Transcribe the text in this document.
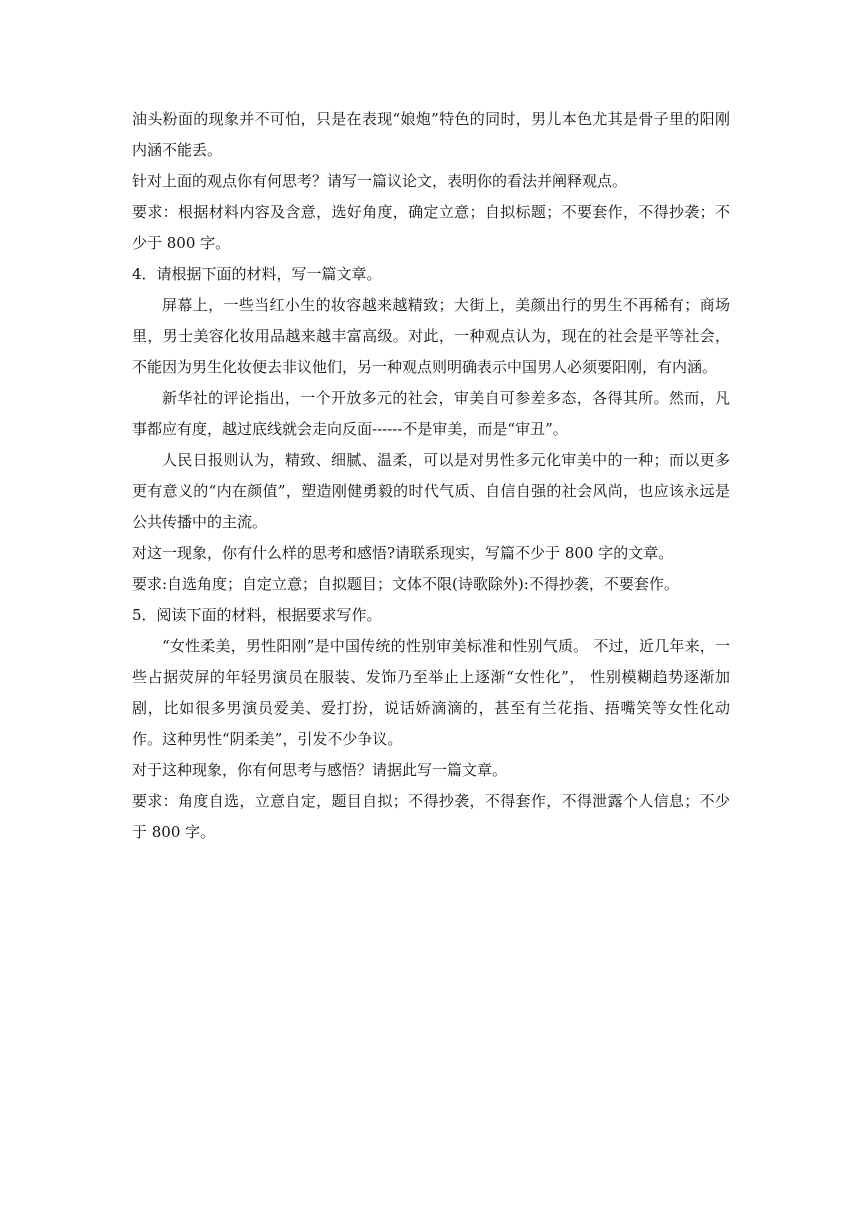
油头粉面的现象并不可怕，只是在表现“娘炮”特色的同时，男儿本色尤其是骨子里的阳刚内涵不能丢。

针对上面的观点你有何思考？请写一篇议论文，表明你的看法并阐释观点。

要求：根据材料内容及含意，选好角度，确定立意；自拟标题；不要套作，不得抄袭；不少于 800 字。

4．请根据下面的材料，写一篇文章。

屏幕上，一些当红小生的妆容越来越精致；大街上，美颜出行的男生不再稀有；商场里，男士美容化妆用品越来越丰富高级。对此，一种观点认为，现在的社会是平等社会，不能因为男生化妆便去非议他们，另一种观点则明确表示中国男人必须要阳刚，有内涵。

新华社的评论指出，一个开放多元的社会，审美自可参差多态，各得其所。然而，凡事都应有度，越过底线就会走向反面------不是审美，而是“审丑”。

人民日报则认为，精致、细腻、温柔，可以是对男性多元化审美中的一种；而以更多更有意义的“内在颜值”，塑造刚健勇毅的时代气质、自信自强的社会风尚，也应该永远是公共传播中的主流。

对这一现象，你有什么样的思考和感悟?请联系现实，写篇不少于 800 字的文章。

要求:自选角度；自定立意；自拟题目；文体不限(诗歌除外):不得抄袭，不要套作。

5．阅读下面的材料，根据要求写作。

“女性柔美，男性阳刚”是中国传统的性别审美标准和性别气质。 不过，近几年来，一些占据荧屏的年轻男演员在服装、发饰乃至举止上逐渐“女性化”， 性别模糊趋势逐渐加剧，比如很多男演员爱美、爱打扮，说话娇滴滴的，甚至有兰花指、捂嘴笑等女性化动作。这种男性“阴柔美”，引发不少争议。

对于这种现象，你有何思考与感悟？请据此写一篇文章。

要求：角度自选，立意自定，题目自拟；不得抄袭，不得套作，不得泄露个人信息；不少于 800 字。
